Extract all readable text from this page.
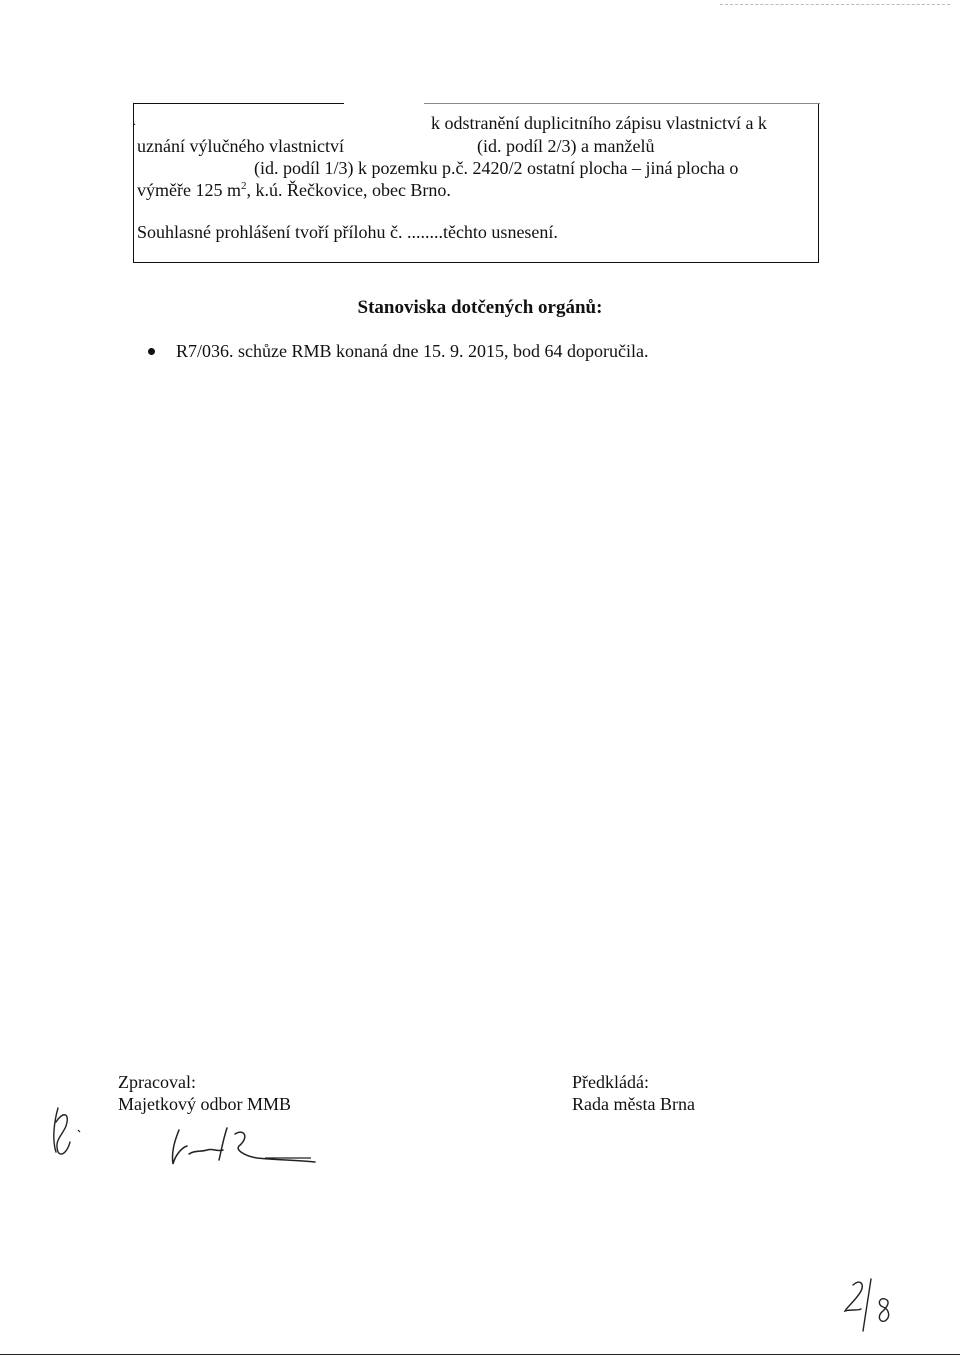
.	k odstranění duplicitního zápisu vlastnictví a k
uznání výlučného vlastnictví	(id. podíl 2/3) a manželů
(id. podíl 1/3) k pozemku p.č. 2420/2 ostatní plocha – jiná plocha o
výměře 125 $m^2$, k.ú. Řečkovice, obec Brno.
Souhlasné prohlášení tvoří přílohu č. ........těchto usnesení.
Stanoviska dotčených orgánů:
R7/036. schůze RMB konaná dne 15. 9. 2015, bod 64 doporučila.
Zpracoval:
Majetkový odbor MMB
Předkládá:
Rada města Brna
